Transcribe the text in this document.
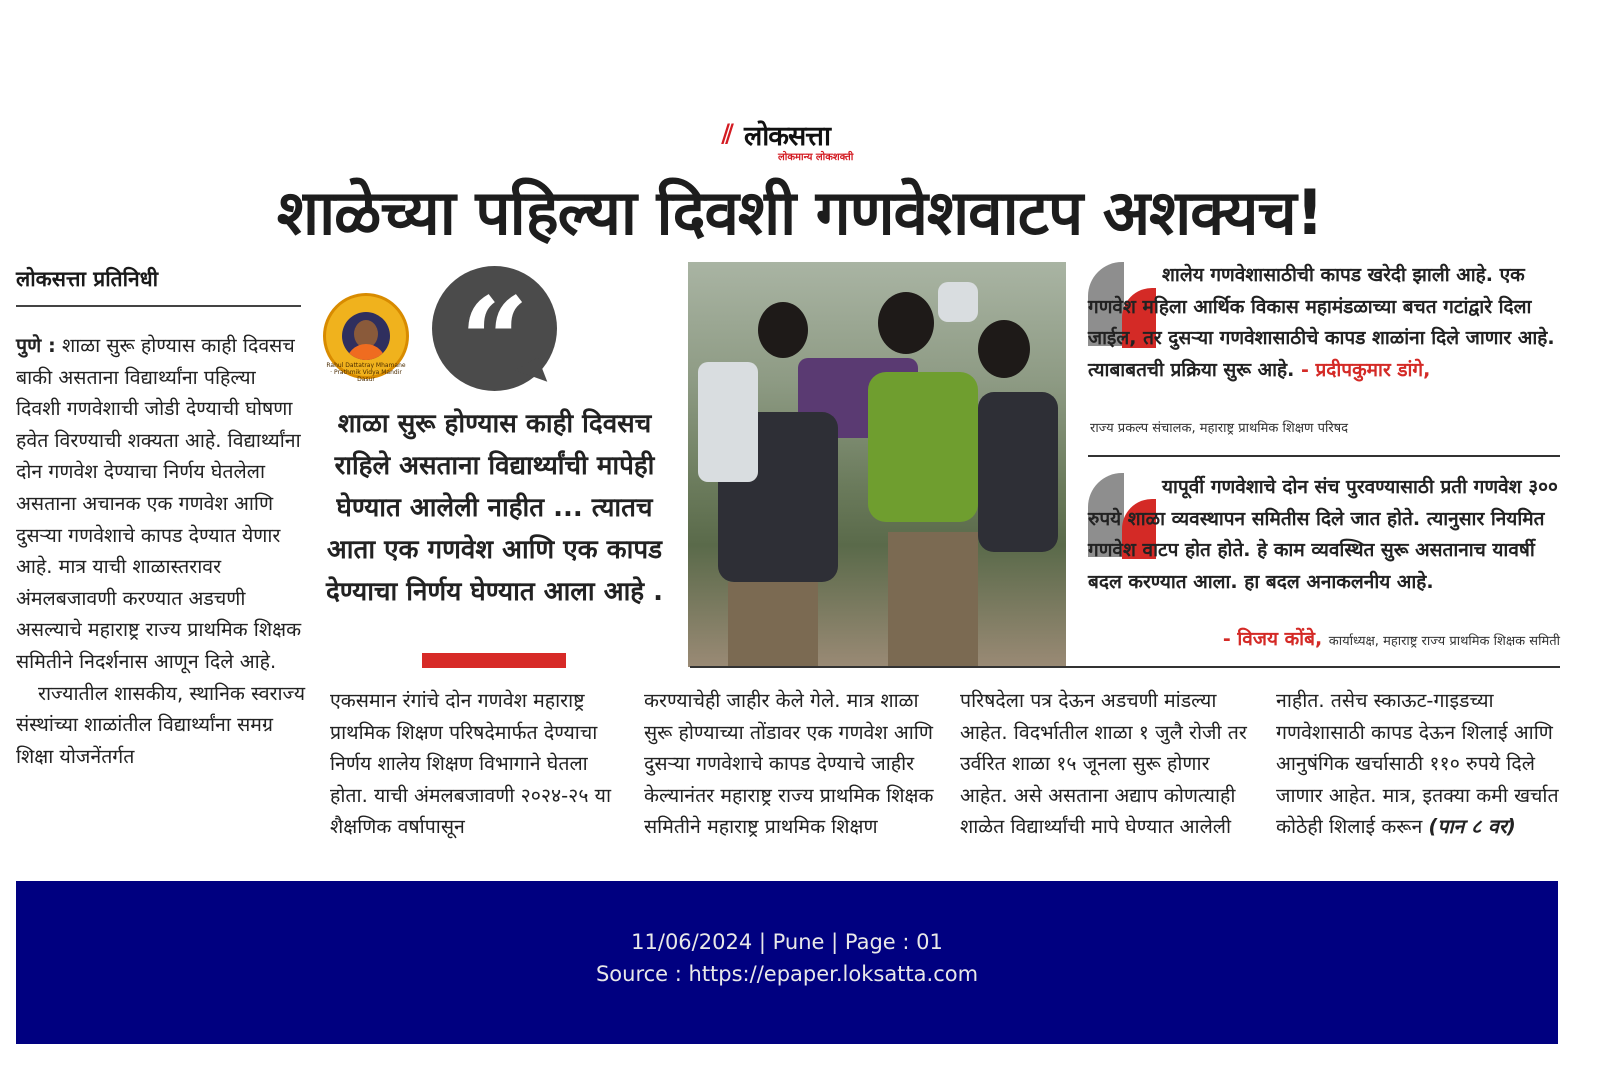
⫽ लोकसत्ता
लोकमान्य लोकशक्ती
शाळेच्या पहिल्या दिवशी गणवेशवाटप अशक्यच!
लोकसत्ता प्रतिनिधी

पुणे : शाळा सुरू होण्यास काही दिवसच बाकी असताना विद्यार्थ्यांना पहिल्या दिवशी गणवेशाची जोडी देण्याची घोषणा हवेत विरण्याची शक्यता आहे. विद्यार्थ्यांना दोन गणवेश देण्याचा निर्णय घेतलेला असताना अचानक एक गणवेश आणि दुसऱ्या गणवेशाचे कापड देण्यात येणार आहे. मात्र याची शाळास्तरावर अंमलबजावणी करण्यात अडचणी असल्याचे महाराष्ट्र राज्य प्राथमिक शिक्षक समितीने निदर्शनास आणून दिले आहे.

राज्यातील शासकीय, स्थानिक स्वराज्य संस्थांच्या शाळांतील विद्यार्थ्यांना समग्र शिक्षा योजनेंतर्गत

Rahul Dattatray Mhamane · Prathmik Vidya Mandir Dasur “
शाळा सुरू होण्यास काही दिवसच राहिले असताना विद्यार्थ्यांची मापेही घेण्यात आलेली नाहीत ... त्यातच आता एक गणवेश आणि एक कापड देण्याचा निर्णय घेण्यात आला आहे .
शालेय गणवेशासाठीची कापड खरेदी झाली आहे. एक गणवेश महिला आर्थिक विकास महामंडळाच्या बचत गटांद्वारे दिला जाईल, तर दुसऱ्या गणवेशासाठीचे कापड शाळांना दिले जाणार आहे. त्याबाबतची प्रक्रिया सुरू आहे. - प्रदीपकुमार डांगे,
राज्य प्रकल्प संचालक, महाराष्ट्र प्राथमिक शिक्षण परिषद
यापूर्वी गणवेशाचे दोन संच पुरवण्यासाठी प्रती गणवेश ३०० रुपये शाळा व्यवस्थापन समितीस दिले जात होते. त्यानुसार नियमित गणवेश वाटप होत होते. हे काम व्यवस्थित सुरू असतानाच यावर्षी बदल करण्यात आला. हा बदल अनाकलनीय आहे.
- विजय कोंबे, कार्याध्यक्ष, महाराष्ट्र राज्य प्राथमिक शिक्षक समिती
एकसमान रंगांचे दोन गणवेश महाराष्ट्र प्राथमिक शिक्षण परिषदेमार्फत देण्याचा निर्णय शालेय शिक्षण विभागाने घेतला होता. याची अंमलबजावणी २०२४-२५ या शैक्षणिक वर्षापासून
करण्याचेही जाहीर केले गेले. मात्र शाळा सुरू होण्याच्या तोंडावर एक गणवेश आणि दुसऱ्या गणवेशाचे कापड देण्याचे जाहीर केल्यानंतर महाराष्ट्र राज्य प्राथमिक शिक्षक समितीने महाराष्ट्र प्राथमिक शिक्षण
परिषदेला पत्र देऊन अडचणी मांडल्या आहेत. विदर्भातील शाळा १ जुलै रोजी तर उर्वरित शाळा १५ जूनला सुरू होणार आहेत. असे असताना अद्याप कोणत्याही शाळेत विद्यार्थ्यांची मापे घेण्यात आलेली
नाहीत. तसेच स्काऊट-गाइडच्या गणवेशासाठी कापड देऊन शिलाई आणि आनुषंगिक खर्चासाठी ११० रुपये दिले जाणार आहेत. मात्र, इतक्या कमी खर्चात कोठेही शिलाई करून (पान ८ वर)
11/06/2024 | Pune | Page : 01
Source : https://epaper.loksatta.com
